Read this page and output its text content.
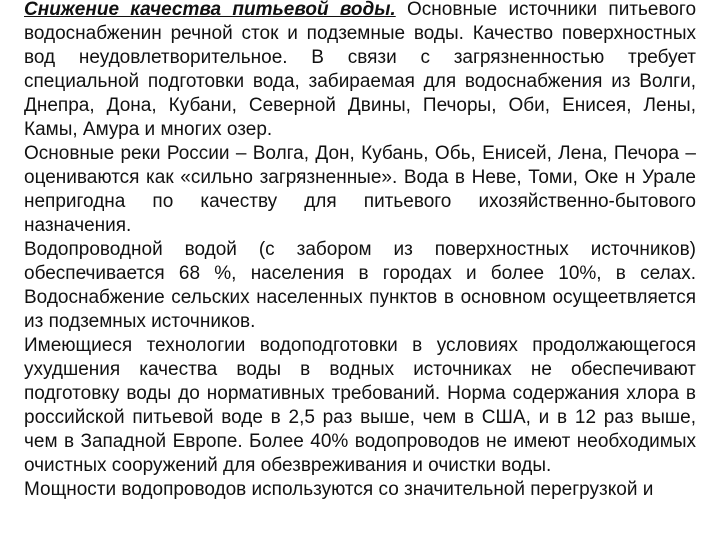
Снижение качества питьевой воды. Основные источники питьевого водоснабженин речной сток и подземные воды. Качество поверхностных вод неудовлетворительное. В связи с загрязненностью требует специальной подготовки вода, забираемая для водоснабжения из Волги, Днепра, Дона, Кубани, Северной Двины, Печоры, Оби, Енисея, Лены, Камы, Амура и многих озер.

Основные реки России – Волга, Дон, Кубань, Обь, Енисей, Лена, Печора – оцениваются как «сильно загрязненные». Вода в Неве, Томи, Оке н Урале непригодна по качеству для питьевого ихозяйственно-бытового назначения.

Водопроводной водой (с забором из поверхностных источников) обеспечивается 68 %, населения в городах и более 10%, в селах. Водоснабжение сельских населенных пунктов в основном осущеетвляется из подземных источников.

Имеющиеся технологии водоподготовки в условиях продолжающегося ухудшения качества воды в водных источниках не обеспечивают подготовку воды до нормативных требований. Норма содержания хлора в российской питьевой воде в 2,5 раз выше, чем в США, и в 12 раз выше, чем в Западной Европе. Более 40% водопроводов не имеют необходимых очистных сооружений для обезвреживания и очистки воды.

Мощности водопроводов используются со значительной перегрузкой и
